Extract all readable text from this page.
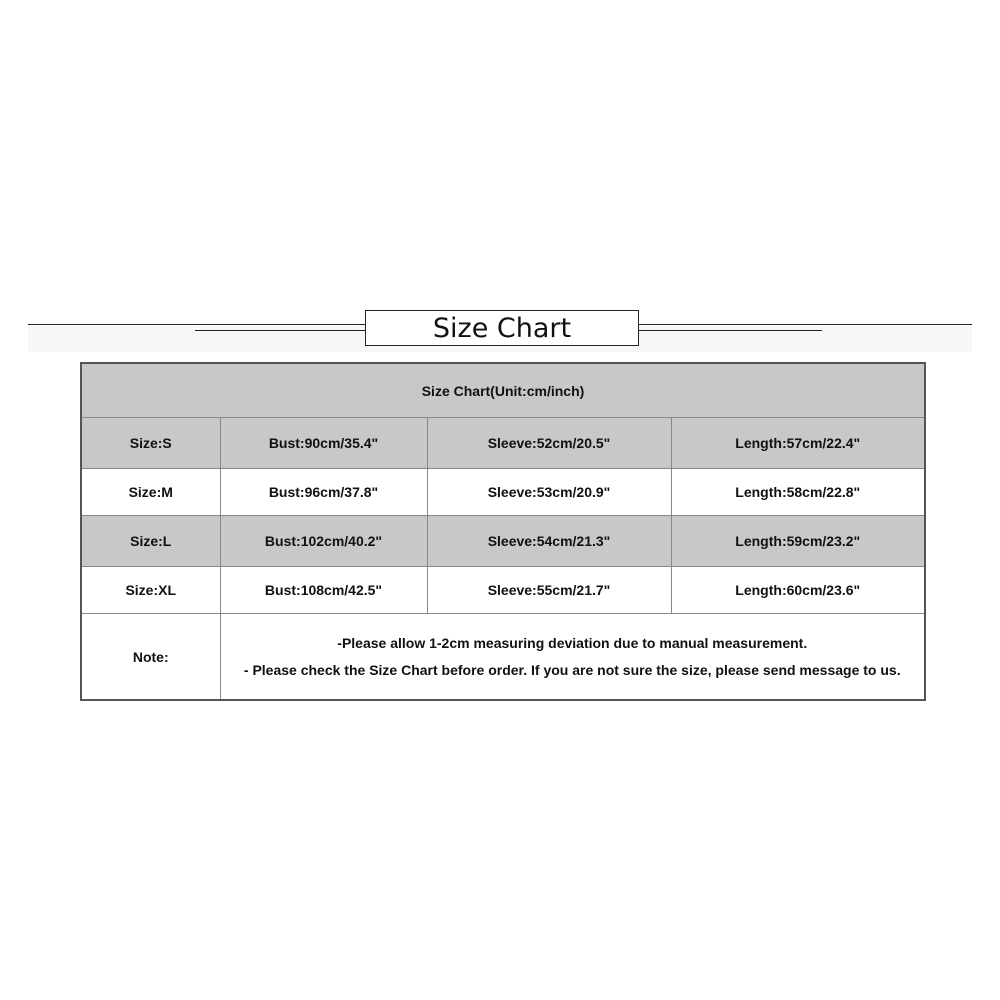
Size Chart
Size Chart(Unit:cm/inch)			
Size:S	Bust:90cm/35.4"	Sleeve:52cm/20.5"	Length:57cm/22.4"
Size:M	Bust:96cm/37.8"	Sleeve:53cm/20.9"	Length:58cm/22.8"
Size:L	Bust:102cm/40.2"	Sleeve:54cm/21.3"	Length:59cm/23.2"
Size:XL	Bust:108cm/42.5"	Sleeve:55cm/21.7"	Length:60cm/23.6"
Note:	-Please allow 1-2cm measuring deviation due to manual measurement.
- Please check the Size Chart before order. If you are not sure the size, please send message to us.		
